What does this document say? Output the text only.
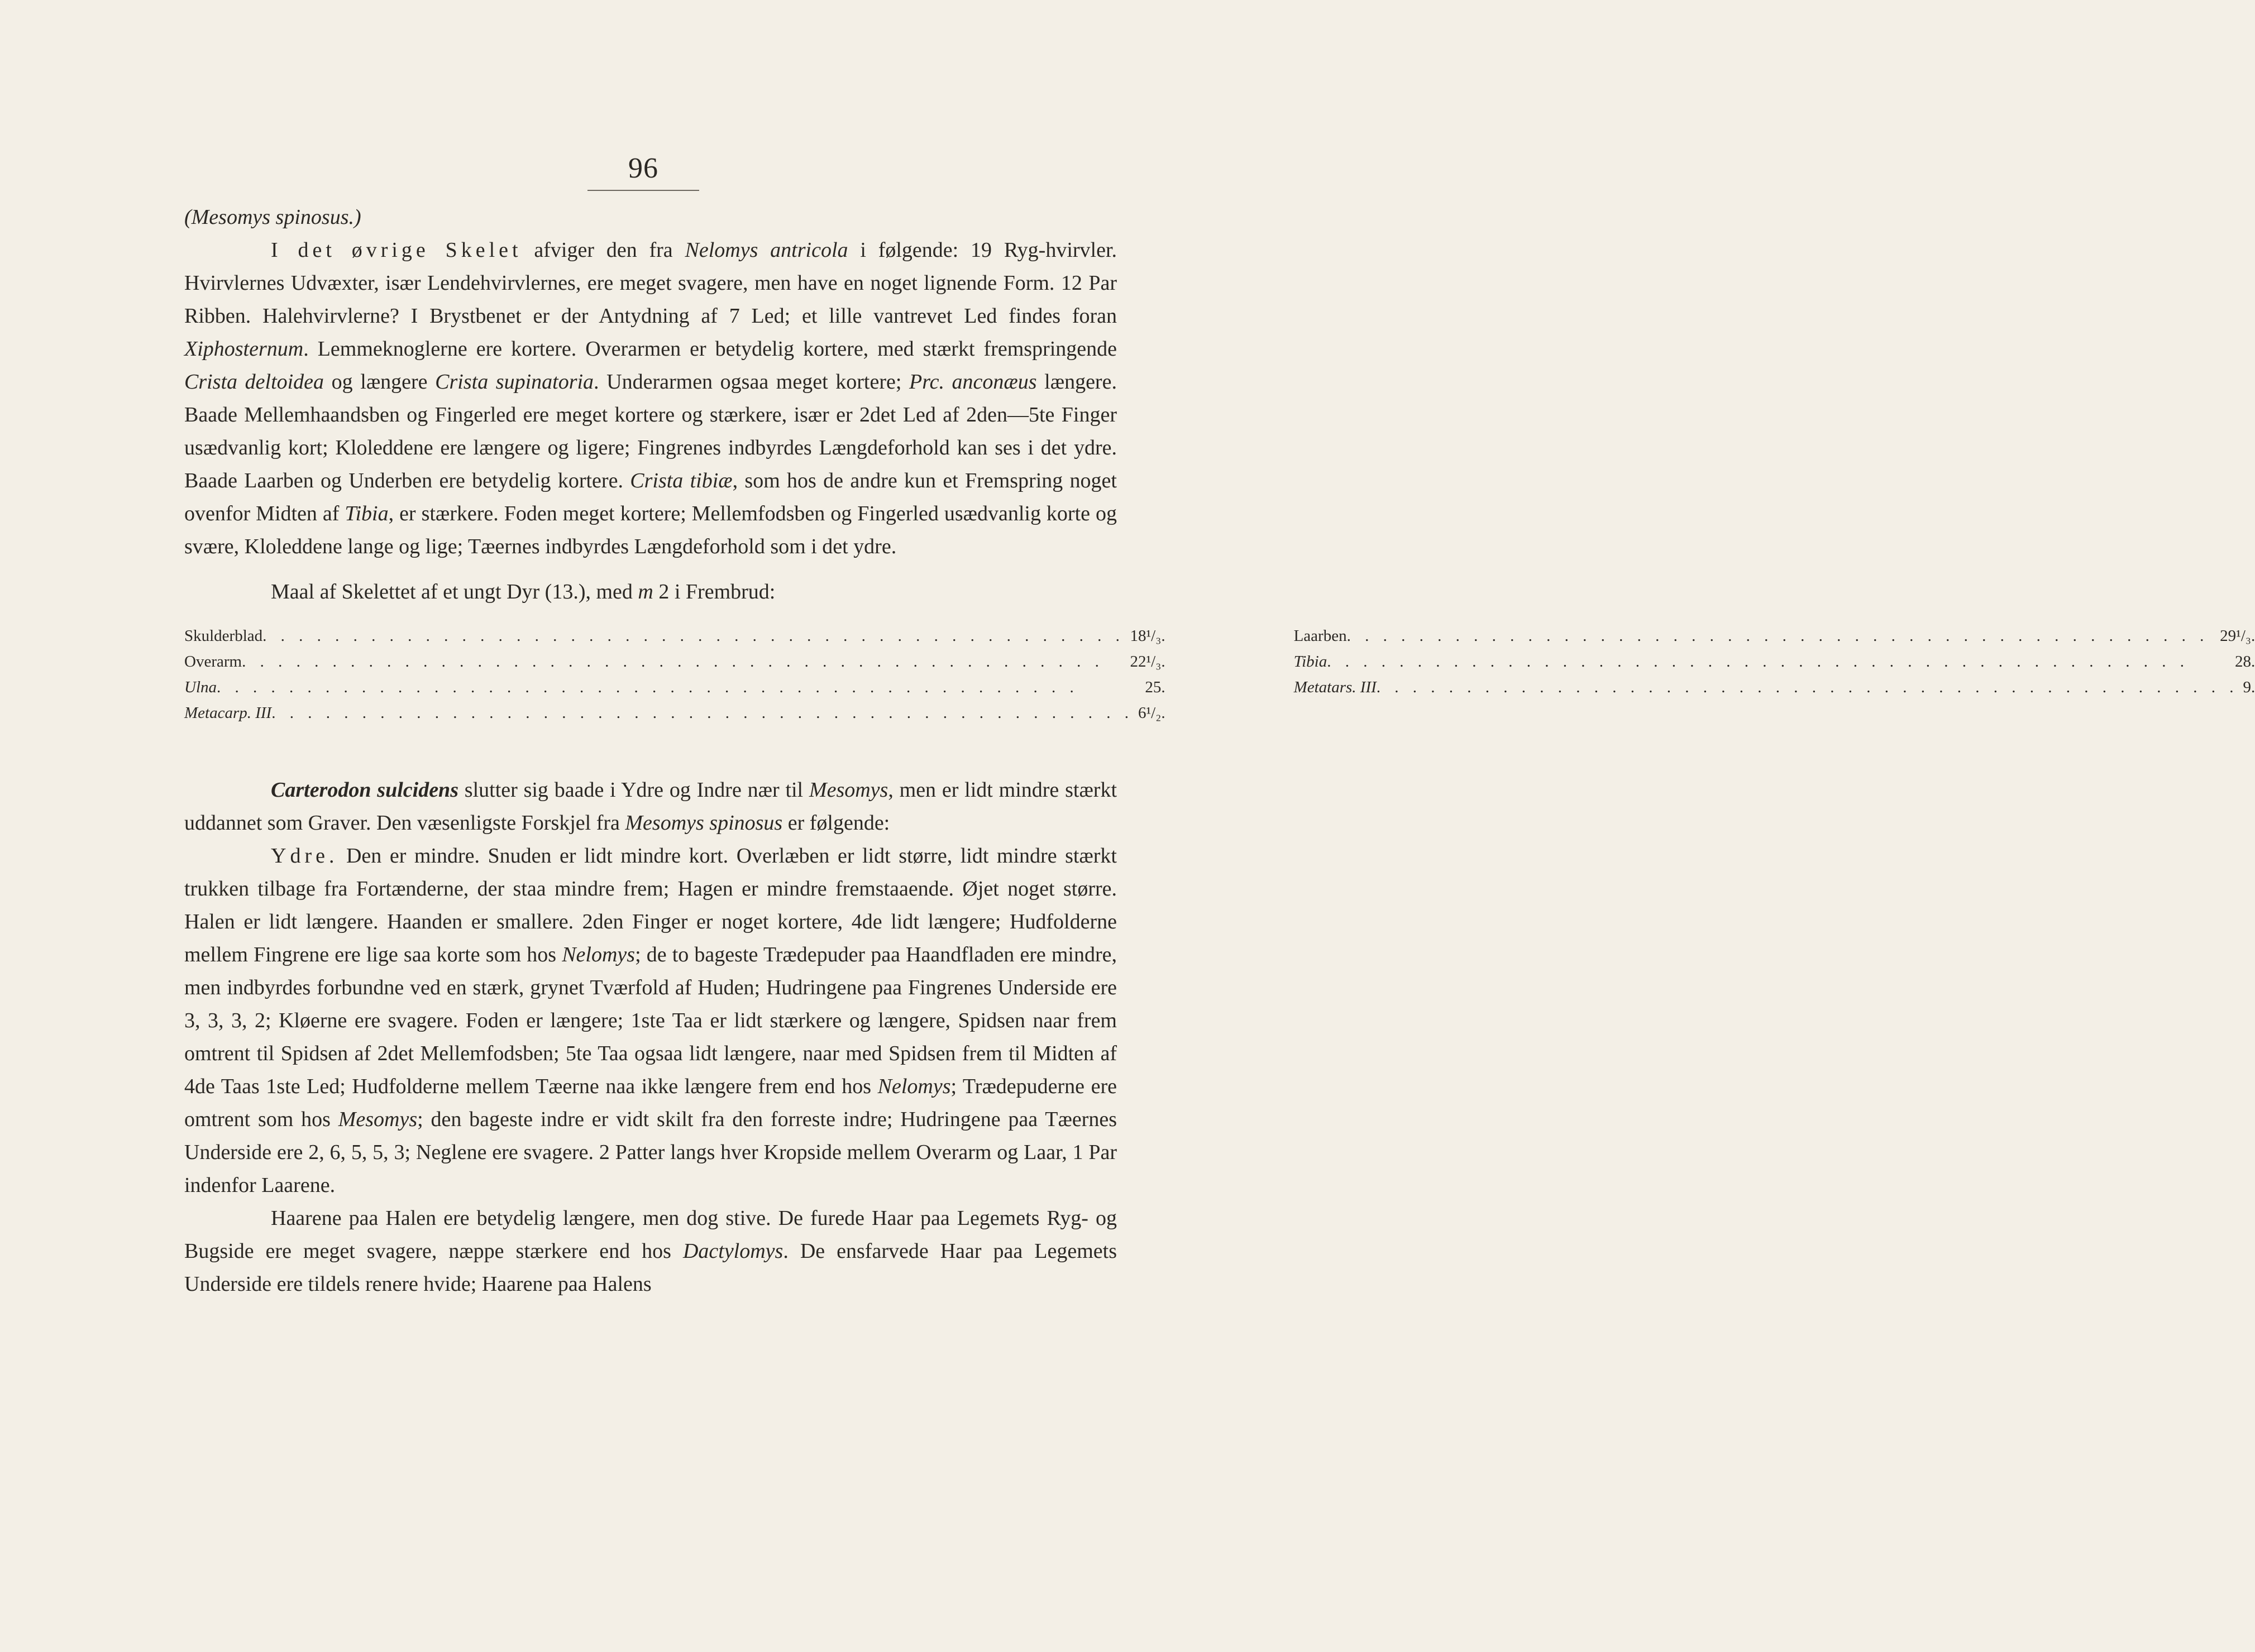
96

(Mesomys spinosus.)

I det øvrige Skelet afviger den fra Nelomys antricola i følgende: 19 Ryg-hvirvler. Hvirvlernes Udvæxter, især Lendehvirvlernes, ere meget svagere, men have en noget lignende Form. 12 Par Ribben. Halehvirvlerne? I Brystbenet er der Antydning af 7 Led; et lille vantrevet Led findes foran Xiphosternum. Lemmeknoglerne ere kortere. Overarmen er betydelig kortere, med stærkt fremspringende Crista deltoidea og længere Crista supinatoria. Underarmen ogsaa meget kortere; Prc. anconæus længere. Baade Mellemhaandsben og Fingerled ere meget kortere og stærkere, især er 2det Led af 2den—5te Finger usædvanlig kort; Kloleddene ere længere og ligere; Fingrenes indbyrdes Længdeforhold kan ses i det ydre. Baade Laarben og Underben ere betydelig kortere. Crista tibiæ, som hos de andre kun et Fremspring noget ovenfor Midten af Tibia, er stærkere. Foden meget kortere; Mellemfodsben og Fingerled usædvanlig korte og svære, Kloleddene lange og lige; Tæernes indbyrdes Længdeforhold som i det ydre.

Maal af Skelettet af et ungt Dyr (13.), med m 2 i Frembrud:

Skulderblad . . .	18¹/₃.
Overarm . . .	22¹/₃.
Ulna . . .	25.
Metacarp. III . . .	6¹/₂.
Laarben . . .	29¹/₃.
Tibia . . .	28.
Metatars. III . . .	9.

Carterodon sulcidens slutter sig baade i Ydre og Indre nær til Mesomys, men er lidt mindre stærkt uddannet som Graver. Den væsenligste Forskjel fra Mesomys spinosus er følgende:

Ydre. Den er mindre. Snuden er lidt mindre kort. Overlæben er lidt større, lidt mindre stærkt trukken tilbage fra Fortænderne, der staa mindre frem; Hagen er mindre fremstaaende. Øjet noget større. Halen er lidt længere. Haanden er smallere. 2den Finger er noget kortere, 4de lidt længere; Hudfolderne mellem Fingrene ere lige saa korte som hos Nelomys; de to bageste Trædepuder paa Haandfladen ere mindre, men indbyrdes forbundne ved en stærk, grynet Tværfold af Huden; Hudringene paa Fingrenes Underside ere 3, 3, 3, 2; Kløerne ere svagere. Foden er længere; 1ste Taa er lidt stærkere og længere, Spidsen naar frem omtrent til Spidsen af 2det Mellemfodsben; 5te Taa ogsaa lidt længere, naar med Spidsen frem til Midten af 4de Taas 1ste Led; Hudfolderne mellem Tæerne naa ikke længere frem end hos Nelomys; Trædepuderne ere omtrent som hos Mesomys; den bageste indre er vidt skilt fra den forreste indre; Hudringene paa Tæernes Underside ere 2, 6, 5, 5, 3; Neglene ere svagere. 2 Patter langs hver Kropside mellem Overarm og Laar, 1 Par indenfor Laarene.

Haarene paa Halen ere betydelig længere, men dog stive. De furede Haar paa Legemets Ryg- og Bugside ere meget svagere, næppe stærkere end hos Dactylomys. De ensfarvede Haar paa Legemets Underside ere tildels renere hvide; Haarene paa Halens
